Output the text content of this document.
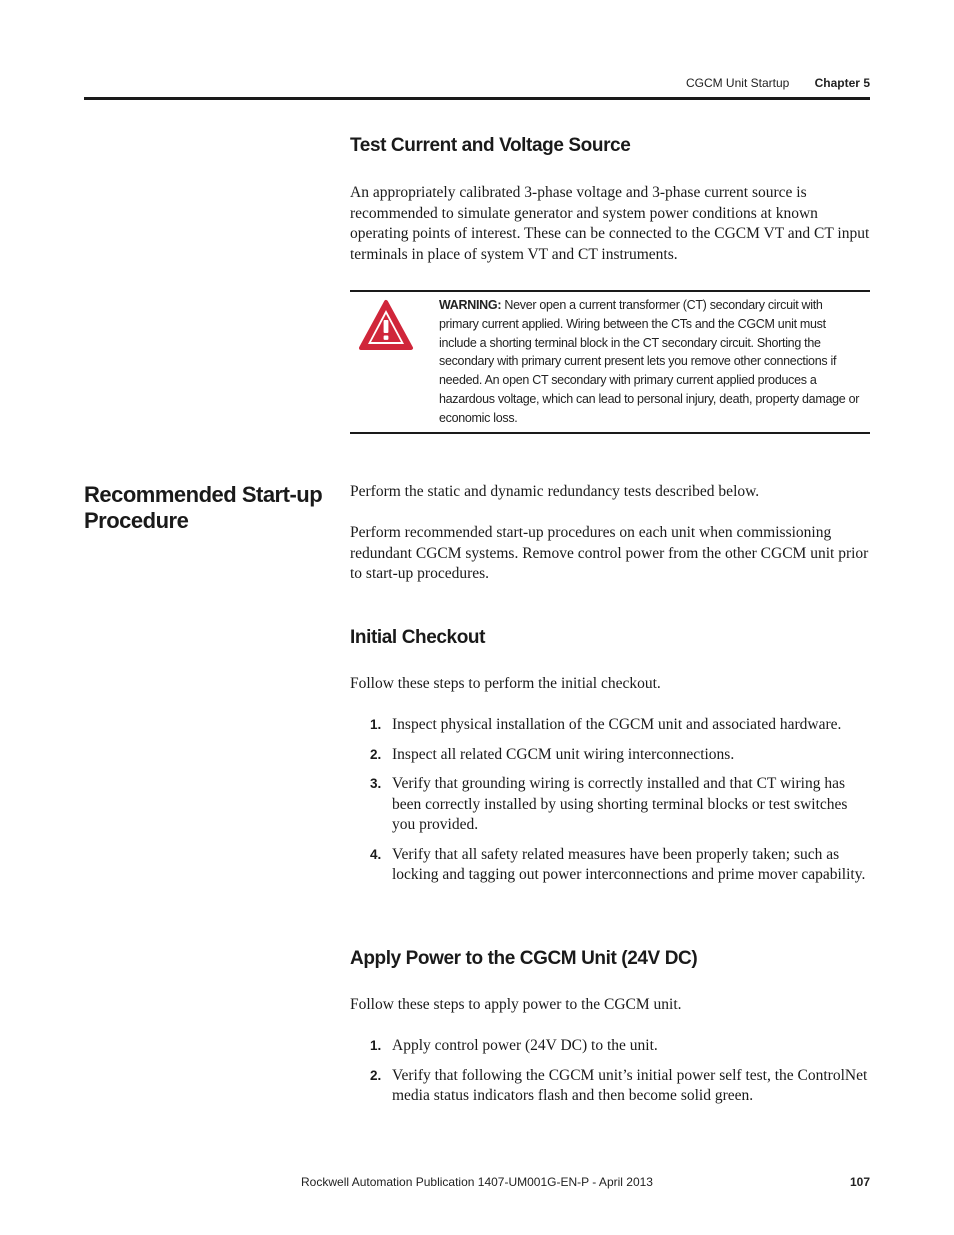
CGCM Unit Startup Chapter 5
Test Current and Voltage Source
An appropriately calibrated 3-phase voltage and 3-phase current source is recommended to simulate generator and system power conditions at known operating points of interest. These can be connected to the CGCM VT and CT input terminals in place of system VT and CT instruments.
WARNING: Never open a current transformer (CT) secondary circuit with primary current applied. Wiring between the CTs and the CGCM unit must include a shorting terminal block in the CT secondary circuit. Shorting the secondary with primary current present lets you remove other connections if needed. An open CT secondary with primary current applied produces a hazardous voltage, which can lead to personal injury, death, property damage or economic loss.
Recommended Start-up Procedure
Perform the static and dynamic redundancy tests described below.
Perform recommended start-up procedures on each unit when commissioning redundant CGCM systems. Remove control power from the other CGCM unit prior to start-up procedures.
Initial Checkout
Follow these steps to perform the initial checkout.
1. Inspect physical installation of the CGCM unit and associated hardware.
2. Inspect all related CGCM unit wiring interconnections.
3. Verify that grounding wiring is correctly installed and that CT wiring has been correctly installed by using shorting terminal blocks or test switches you provided.
4. Verify that all safety related measures have been properly taken; such as locking and tagging out power interconnections and prime mover capability.
Apply Power to the CGCM Unit (24V DC)
Follow these steps to apply power to the CGCM unit.
1. Apply control power (24V DC) to the unit.
2. Verify that following the CGCM unit’s initial power self test, the ControlNet media status indicators flash and then become solid green.
Rockwell Automation Publication 1407-UM001G-EN-P - April 2013	107
